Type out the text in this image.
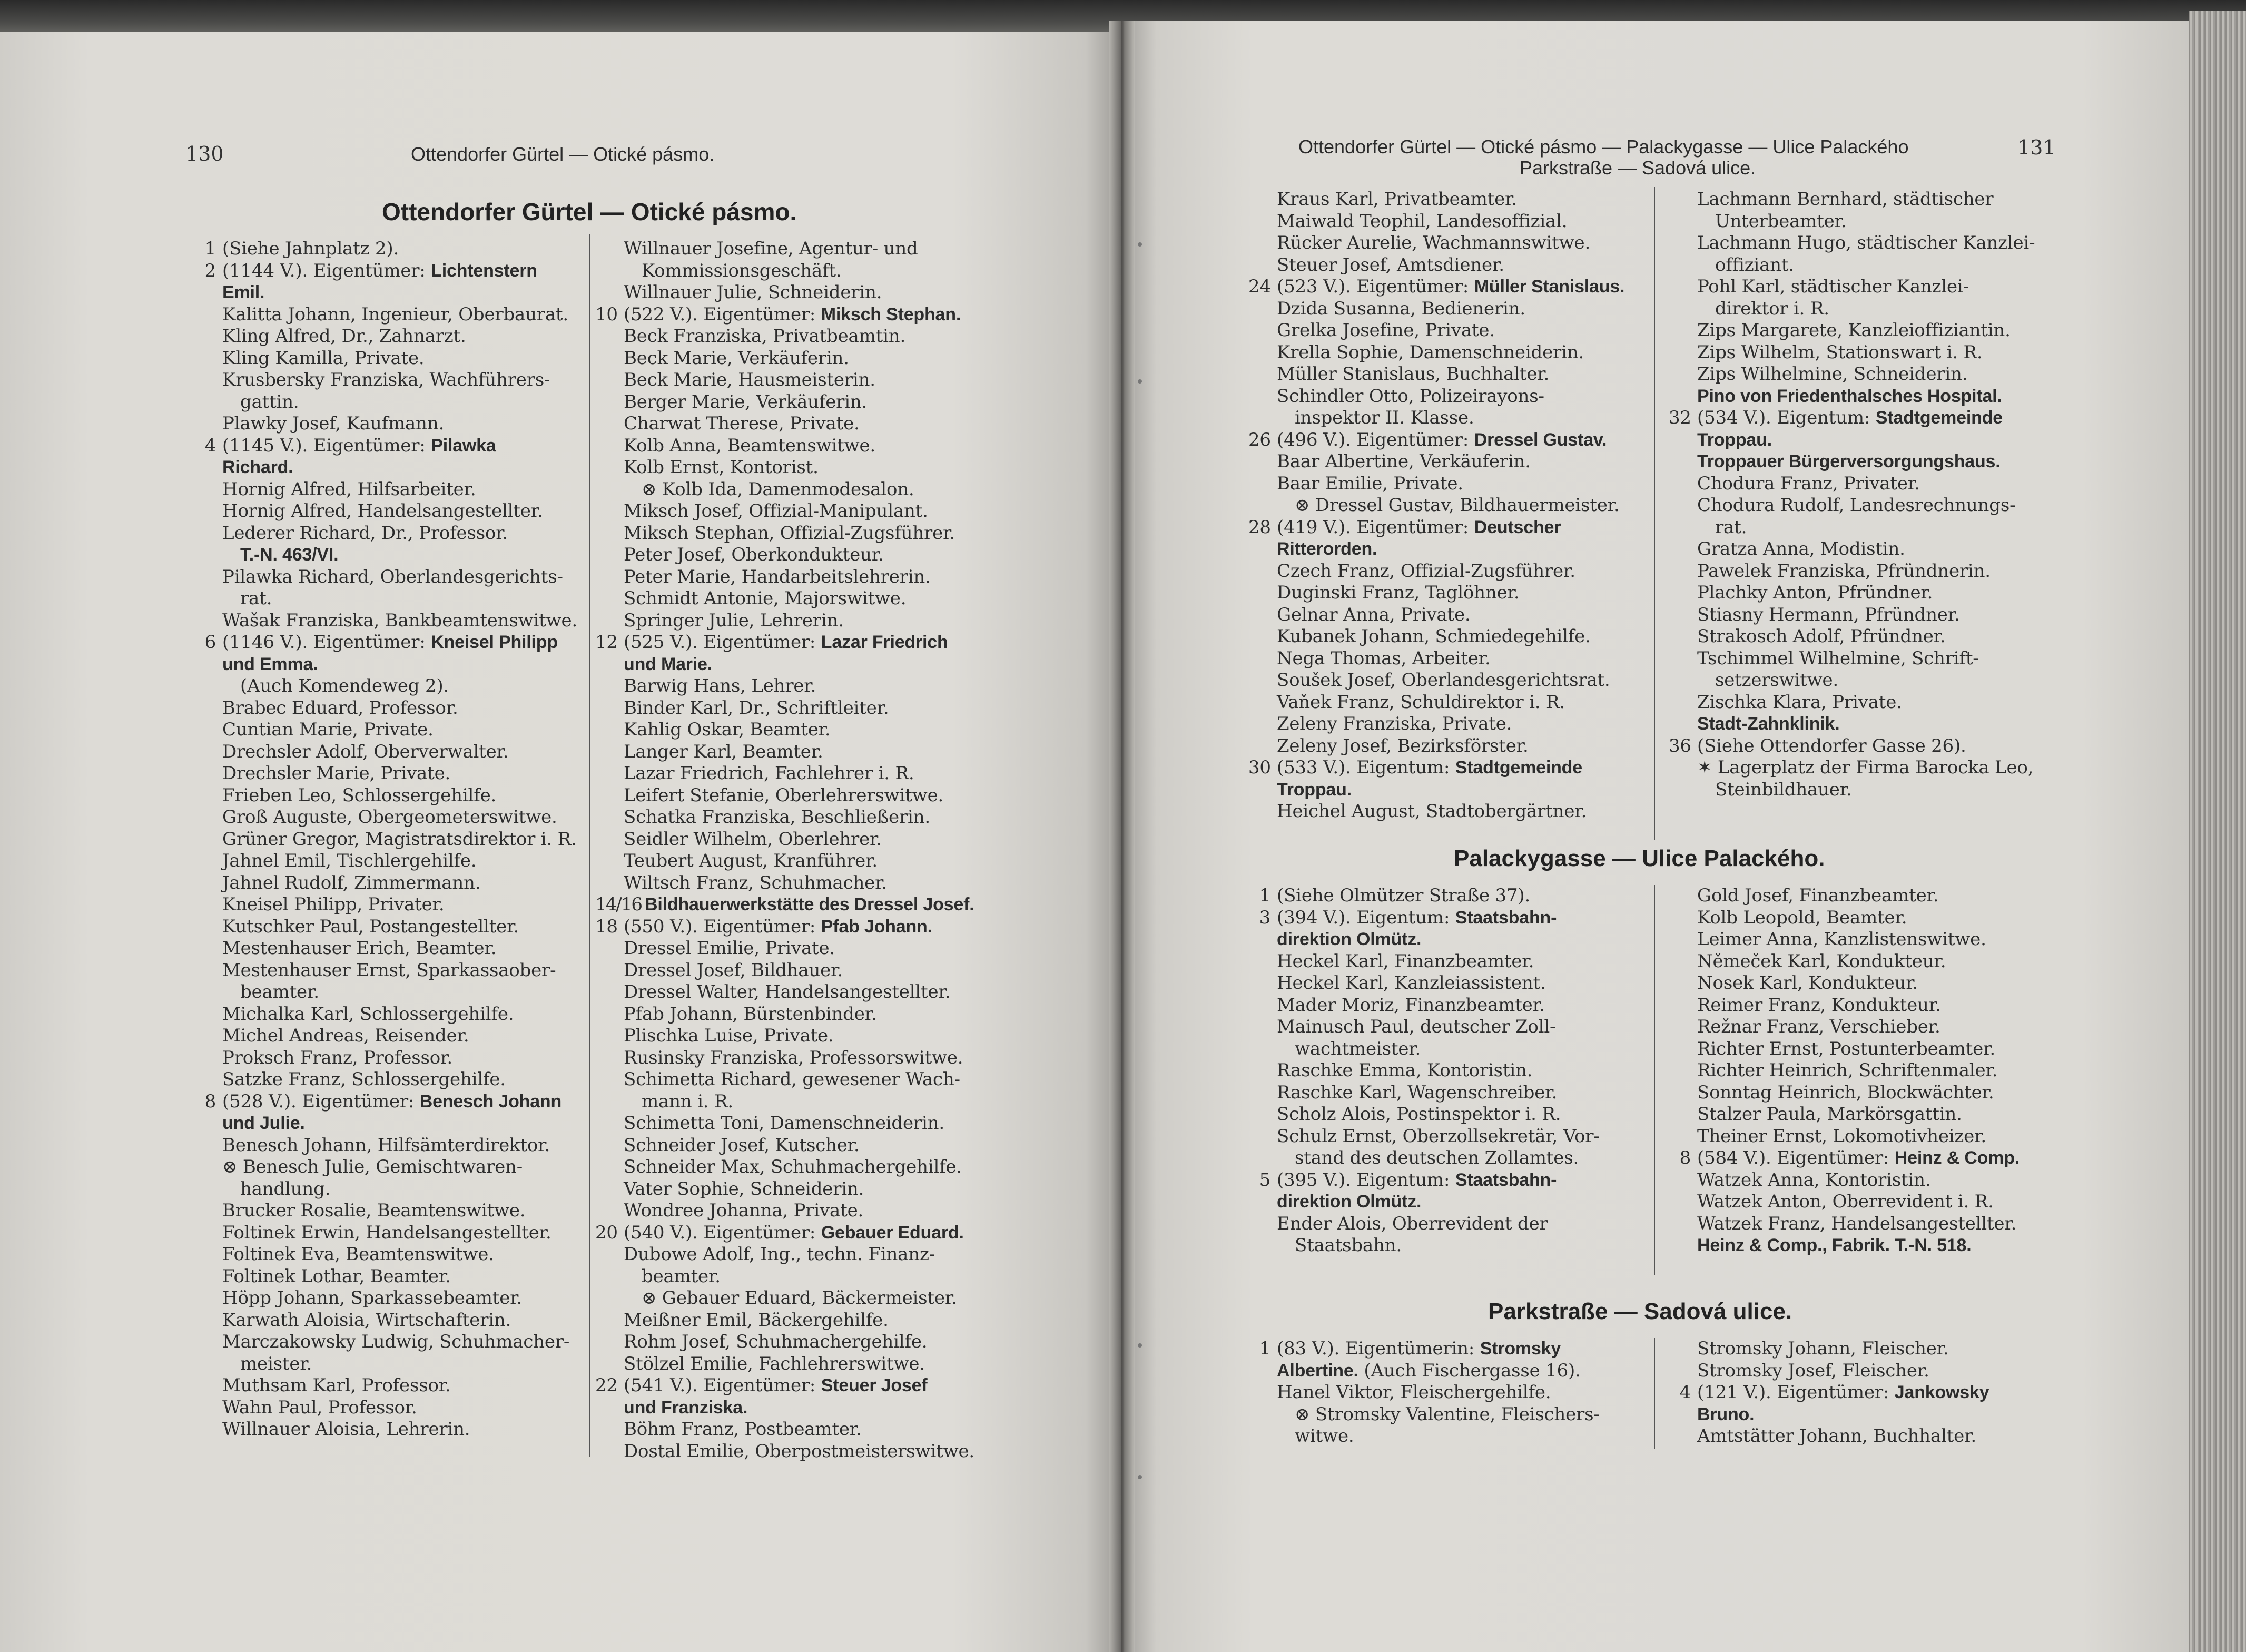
130	Ottendorfer Gürtel — Otické pásmo.
Ottendorfer Gürtel — Otické pásmo.
1 (Siehe Jahnplatz 2).
2 (1144 V.). Eigentümer: Lichtenstern
Emil.
Kalitta Johann, Ingenieur, Oberbaurat.
Kling Alfred, Dr., Zahnarzt.
Kling Kamilla, Private.
Krusbersky Franziska, Wachführers-
gattin.
Plawky Josef, Kaufmann.
4 (1145 V.). Eigentümer: Pilawka
Richard.
Hornig Alfred, Hilfsarbeiter.
Hornig Alfred, Handelsangestellter.
Lederer Richard, Dr., Professor.
T.-N. 463/VI.
Pilawka Richard, Oberlandesgerichts-
rat.
Wašak Franziska, Bankbeamtenswitwe.
6 (1146 V.). Eigentümer: Kneisel Philipp
und Emma.
(Auch Komendeweg 2).
Brabec Eduard, Professor.
Cuntian Marie, Private.
Drechsler Adolf, Oberverwalter.
Drechsler Marie, Private.
Frieben Leo, Schlossergehilfe.
Groß Auguste, Obergeometerswitwe.
Grüner Gregor, Magistratsdirektor i. R.
Jahnel Emil, Tischlergehilfe.
Jahnel Rudolf, Zimmermann.
Kneisel Philipp, Privater.
Kutschker Paul, Postangestellter.
Mestenhauser Erich, Beamter.
Mestenhauser Ernst, Sparkassaober-
beamter.
Michalka Karl, Schlossergehilfe.
Michel Andreas, Reisender.
Proksch Franz, Professor.
Satzke Franz, Schlossergehilfe.
8 (528 V.). Eigentümer: Benesch Johann
und Julie.
Benesch Johann, Hilfsämterdirektor.
⊗ Benesch Julie, Gemischtwaren-
handlung.
Brucker Rosalie, Beamtenswitwe.
Foltinek Erwin, Handelsangestellter.
Foltinek Eva, Beamtenswitwe.
Foltinek Lothar, Beamter.
Höpp Johann, Sparkassebeamter.
Karwath Aloisia, Wirtschafterin.
Marczakowsky Ludwig, Schuhmacher-
meister.
Muthsam Karl, Professor.
Wahn Paul, Professor.
Willnauer Aloisia, Lehrerin.
Willnauer Josefine, Agentur- und
Kommissionsgeschäft.
Willnauer Julie, Schneiderin.
10 (522 V.). Eigentümer: Miksch Stephan.
Beck Franziska, Privatbeamtin.
Beck Marie, Verkäuferin.
Beck Marie, Hausmeisterin.
Berger Marie, Verkäuferin.
Charwat Therese, Private.
Kolb Anna, Beamtenswitwe.
Kolb Ernst, Kontorist.
⊗ Kolb Ida, Damenmodesalon.
Miksch Josef, Offizial-Manipulant.
Miksch Stephan, Offizial-Zugsführer.
Peter Josef, Oberkondukteur.
Peter Marie, Handarbeitslehrerin.
Schmidt Antonie, Majorswitwe.
Springer Julie, Lehrerin.
12 (525 V.). Eigentümer: Lazar Friedrich
und Marie.
Barwig Hans, Lehrer.
Binder Karl, Dr., Schriftleiter.
Kahlig Oskar, Beamter.
Langer Karl, Beamter.
Lazar Friedrich, Fachlehrer i. R.
Leifert Stefanie, Oberlehrerswitwe.
Schatka Franziska, Beschließerin.
Seidler Wilhelm, Oberlehrer.
Teubert August, Kranführer.
Wiltsch Franz, Schuhmacher.
14/16 Bildhauerwerkstätte des Dressel Josef.
18 (550 V.). Eigentümer: Pfab Johann.
Dressel Emilie, Private.
Dressel Josef, Bildhauer.
Dressel Walter, Handelsangestellter.
Pfab Johann, Bürstenbinder.
Plischka Luise, Private.
Rusinsky Franziska, Professorswitwe.
Schimetta Richard, gewesener Wach-
mann i. R.
Schimetta Toni, Damenschneiderin.
Schneider Josef, Kutscher.
Schneider Max, Schuhmachergehilfe.
Vater Sophie, Schneiderin.
Wondree Johanna, Private.
20 (540 V.). Eigentümer: Gebauer Eduard.
Dubowe Adolf, Ing., techn. Finanz-
beamter.
⊗ Gebauer Eduard, Bäckermeister.
Meißner Emil, Bäckergehilfe.
Rohm Josef, Schuhmachergehilfe.
Stölzel Emilie, Fachlehrerswitwe.
22 (541 V.). Eigentümer: Steuer Josef
und Franziska.
Böhm Franz, Postbeamter.
Dostal Emilie, Oberpostmeisterswitwe.
Ottendorfer Gürtel — Otické pásmo — Palackygasse — Ulice Palackého
Parkstraße — Sadová ulice.
131
Kraus Karl, Privatbeamter.
Maiwald Teophil, Landesoffizial.
Rücker Aurelie, Wachmannswitwe.
Steuer Josef, Amtsdiener.
24 (523 V.). Eigentümer: Müller Stanislaus.
Dzida Susanna, Bedienerin.
Grelka Josefine, Private.
Krella Sophie, Damenschneiderin.
Müller Stanislaus, Buchhalter.
Schindler Otto, Polizeirayons-
inspektor II. Klasse.
26 (496 V.). Eigentümer: Dressel Gustav.
Baar Albertine, Verkäuferin.
Baar Emilie, Private.
⊗ Dressel Gustav, Bildhauermeister.
28 (419 V.). Eigentümer: Deutscher
Ritterorden.
Czech Franz, Offizial-Zugsführer.
Duginski Franz, Taglöhner.
Gelnar Anna, Private.
Kubanek Johann, Schmiedegehilfe.
Nega Thomas, Arbeiter.
Soušek Josef, Oberlandesgerichtsrat.
Vaňek Franz, Schuldirektor i. R.
Zeleny Franziska, Private.
Zeleny Josef, Bezirksförster.
30 (533 V.). Eigentum: Stadtgemeinde
Troppau.
Heichel August, Stadtobergärtner.
Lachmann Bernhard, städtischer
Unterbeamter.
Lachmann Hugo, städtischer Kanzlei-
offiziant.
Pohl Karl, städtischer Kanzlei-
direktor i. R.
Zips Margarete, Kanzleioffiziantin.
Zips Wilhelm, Stationswart i. R.
Zips Wilhelmine, Schneiderin.
Pino von Friedenthalsches Hospital.
32 (534 V.). Eigentum: Stadtgemeinde
Troppau.
Troppauer Bürgerversorgungshaus.
Chodura Franz, Privater.
Chodura Rudolf, Landesrechnungs-
rat.
Gratza Anna, Modistin.
Pawelek Franziska, Pfründnerin.
Plachky Anton, Pfründner.
Stiasny Hermann, Pfründner.
Strakosch Adolf, Pfründner.
Tschimmel Wilhelmine, Schrift-
setzerswitwe.
Zischka Klara, Private.
Stadt-Zahnklinik.
36 (Siehe Ottendorfer Gasse 26).
✶ Lagerplatz der Firma Barocka Leo,
Steinbildhauer.
Palackygasse — Ulice Palackého.
1 (Siehe Olmützer Straße 37).
3 (394 V.). Eigentum: Staatsbahn-
direktion Olmütz.
Heckel Karl, Finanzbeamter.
Heckel Karl, Kanzleiassistent.
Mader Moriz, Finanzbeamter.
Mainusch Paul, deutscher Zoll-
wachtmeister.
Raschke Emma, Kontoristin.
Raschke Karl, Wagenschreiber.
Scholz Alois, Postinspektor i. R.
Schulz Ernst, Oberzollsekretär, Vor-
stand des deutschen Zollamtes.
5 (395 V.). Eigentum: Staatsbahn-
direktion Olmütz.
Ender Alois, Oberrevident der
Staatsbahn.
Gold Josef, Finanzbeamter.
Kolb Leopold, Beamter.
Leimer Anna, Kanzlistenswitwe.
Němeček Karl, Kondukteur.
Nosek Karl, Kondukteur.
Reimer Franz, Kondukteur.
Režnar Franz, Verschieber.
Richter Ernst, Postunterbeamter.
Richter Heinrich, Schriftenmaler.
Sonntag Heinrich, Blockwächter.
Stalzer Paula, Markörsgattin.
Theiner Ernst, Lokomotivheizer.
8 (584 V.). Eigentümer: Heinz & Comp.
Watzek Anna, Kontoristin.
Watzek Anton, Oberrevident i. R.
Watzek Franz, Handelsangestellter.
Heinz & Comp., Fabrik. T.-N. 518.
Parkstraße — Sadová ulice.
1 (83 V.). Eigentümerin: Stromsky
Albertine. (Auch Fischergasse 16).
Hanel Viktor, Fleischergehilfe.
⊗ Stromsky Valentine, Fleischers-
witwe.
Stromsky Johann, Fleischer.
Stromsky Josef, Fleischer.
4 (121 V.). Eigentümer: Jankowsky
Bruno.
Amtstätter Johann, Buchhalter.
